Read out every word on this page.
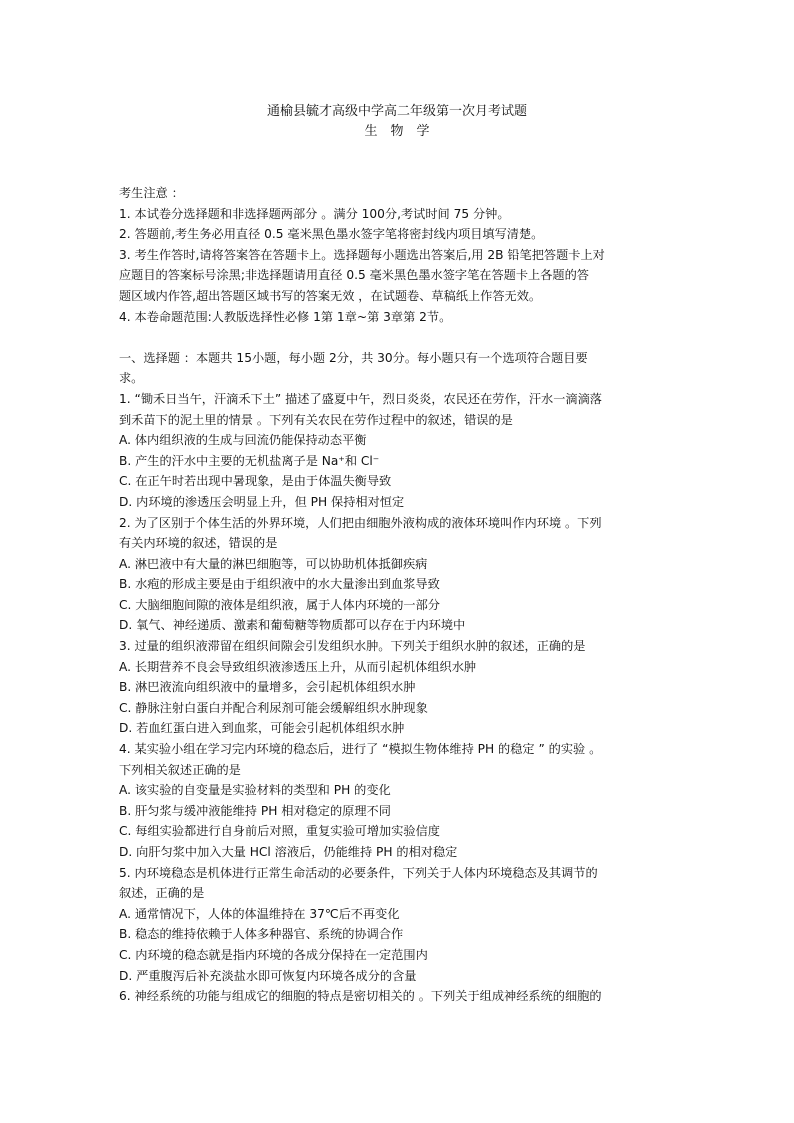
通榆县毓才高级中学高二年级第一次月考试题
生　物　学
考生注意 ：
1. 本试卷分选择题和非选择题两部分 。满分 100分,考试时间 75 分钟。
2. 答题前,考生务必用直径 0.5 毫米黑色墨水签字笔将密封线内项目填写清楚。
3. 考生作答时,请将答案答在答题卡上。选择题每小题选出答案后,用 2B 铅笔把答题卡上对
应题目的答案标号涂黑;非选择题请用直径 0.5 毫米黑色墨水签字笔在答题卡上各题的答
题区域内作答,超出答题区域书写的答案无效 ，在试题卷、草稿纸上作答无效。
4. 本卷命题范围:人教版选择性必修 1第 1章~第 3章第 2节。
一、选择题 ：本题共 15小题，每小题 2分，共 30分。每小题只有一个选项符合题目要
求。
1. “锄禾日当午，汗滴禾下土” 描述了盛夏中午，烈日炎炎，农民还在劳作，汗水一滴滴落
到禾苗下的泥土里的情景 。下列有关农民在劳作过程中的叙述，错误的是
A. 体内组织液的生成与回流仍能保持动态平衡
B. 产生的汗水中主要的无机盐离子是 Na⁺和 Cl⁻
C. 在正午时若出现中暑现象，是由于体温失衡导致
D. 内环境的渗透压会明显上升，但 PH 保持相对恒定
2. 为了区别于个体生活的外界环境，人们把由细胞外液构成的液体环境叫作内环境 。下列
有关内环境的叙述，错误的是
A. 淋巴液中有大量的淋巴细胞等，可以协助机体抵御疾病
B. 水疱的形成主要是由于组织液中的水大量渗出到血浆导致
C. 大脑细胞间隙的液体是组织液，属于人体内环境的一部分
D. 氧气、神经递质、激素和葡萄糖等物质都可以存在于内环境中
3. 过量的组织液滞留在组织间隙会引发组织水肿。下列关于组织水肿的叙述，正确的是
A. 长期营养不良会导致组织液渗透压上升，从而引起机体组织水肿
B. 淋巴液流向组织液中的量增多，会引起机体组织水肿
C. 静脉注射白蛋白并配合利尿剂可能会缓解组织水肿现象
D. 若血红蛋白进入到血浆，可能会引起机体组织水肿
4. 某实验小组在学习完内环境的稳态后，进行了 “模拟生物体维持 PH 的稳定 ” 的实验 。
下列相关叙述正确的是
A. 该实验的自变量是实验材料的类型和 PH 的变化
B. 肝匀浆与缓冲液能维持 PH 相对稳定的原理不同
C. 每组实验都进行自身前后对照，重复实验可增加实验信度
D. 向肝匀浆中加入大量 HCl 溶液后，仍能维持 PH 的相对稳定
5. 内环境稳态是机体进行正常生命活动的必要条件，下列关于人体内环境稳态及其调节的
叙述，正确的是
A. 通常情况下，人体的体温维持在 37℃后不再变化
B. 稳态的维持依赖于人体多种器官、系统的协调合作
C. 内环境的稳态就是指内环境的各成分保持在一定范围内
D. 严重腹泻后补充淡盐水即可恢复内环境各成分的含量
6. 神经系统的功能与组成它的细胞的特点是密切相关的 。下列关于组成神经系统的细胞的
